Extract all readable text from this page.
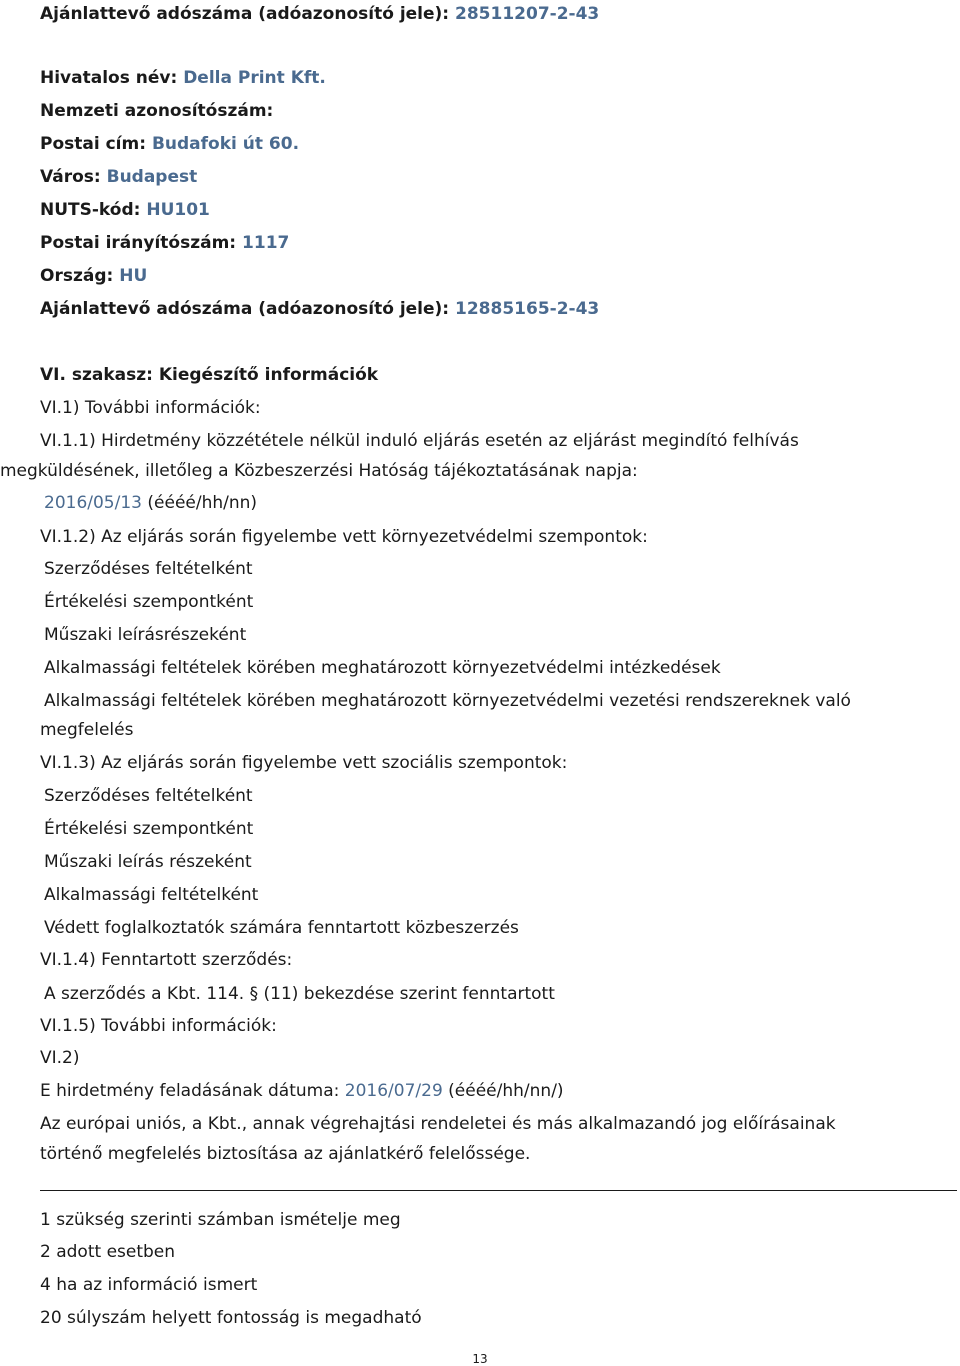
Ajánlattevő adószáma (adóazonosító jele): 28511207-2-43
Hivatalos név: Della Print Kft.
Nemzeti azonosítószám:
Postai cím: Budafoki út 60.
Város: Budapest
NUTS-kód: HU101
Postai irányítószám: 1117
Ország: HU
Ajánlattevő adószáma (adóazonosító jele): 12885165-2-43
VI. szakasz: Kiegészítő információk
VI.1) További információk:
VI.1.1) Hirdetmény közzététele nélkül induló eljárás esetén az eljárást megindító felhívás
megküldésének, illetőleg a Közbeszerzési Hatóság tájékoztatásának napja:
2016/05/13 (éééé/hh/nn)
VI.1.2) Az eljárás során figyelembe vett környezetvédelmi szempontok:
Szerződéses feltételként
Értékelési szempontként
Műszaki leírásrészeként
Alkalmassági feltételek körében meghatározott környezetvédelmi intézkedések
Alkalmassági feltételek körében meghatározott környezetvédelmi vezetési rendszereknek való
megfelelés
VI.1.3) Az eljárás során figyelembe vett szociális szempontok:
Szerződéses feltételként
Értékelési szempontként
Műszaki leírás részeként
Alkalmassági feltételként
Védett foglalkoztatók számára fenntartott közbeszerzés
VI.1.4) Fenntartott szerződés:
A szerződés a Kbt. 114. § (11) bekezdése szerint fenntartott
VI.1.5) További információk:
VI.2)
E hirdetmény feladásának dátuma: 2016/07/29 (éééé/hh/nn/)
Az európai uniós, a Kbt., annak végrehajtási rendeletei és más alkalmazandó jog előírásainak
történő megfelelés biztosítása az ajánlatkérő felelőssége.
1 szükség szerinti számban ismételje meg
2 adott esetben
4 ha az információ ismert
20 súlyszám helyett fontosság is megadható
13
